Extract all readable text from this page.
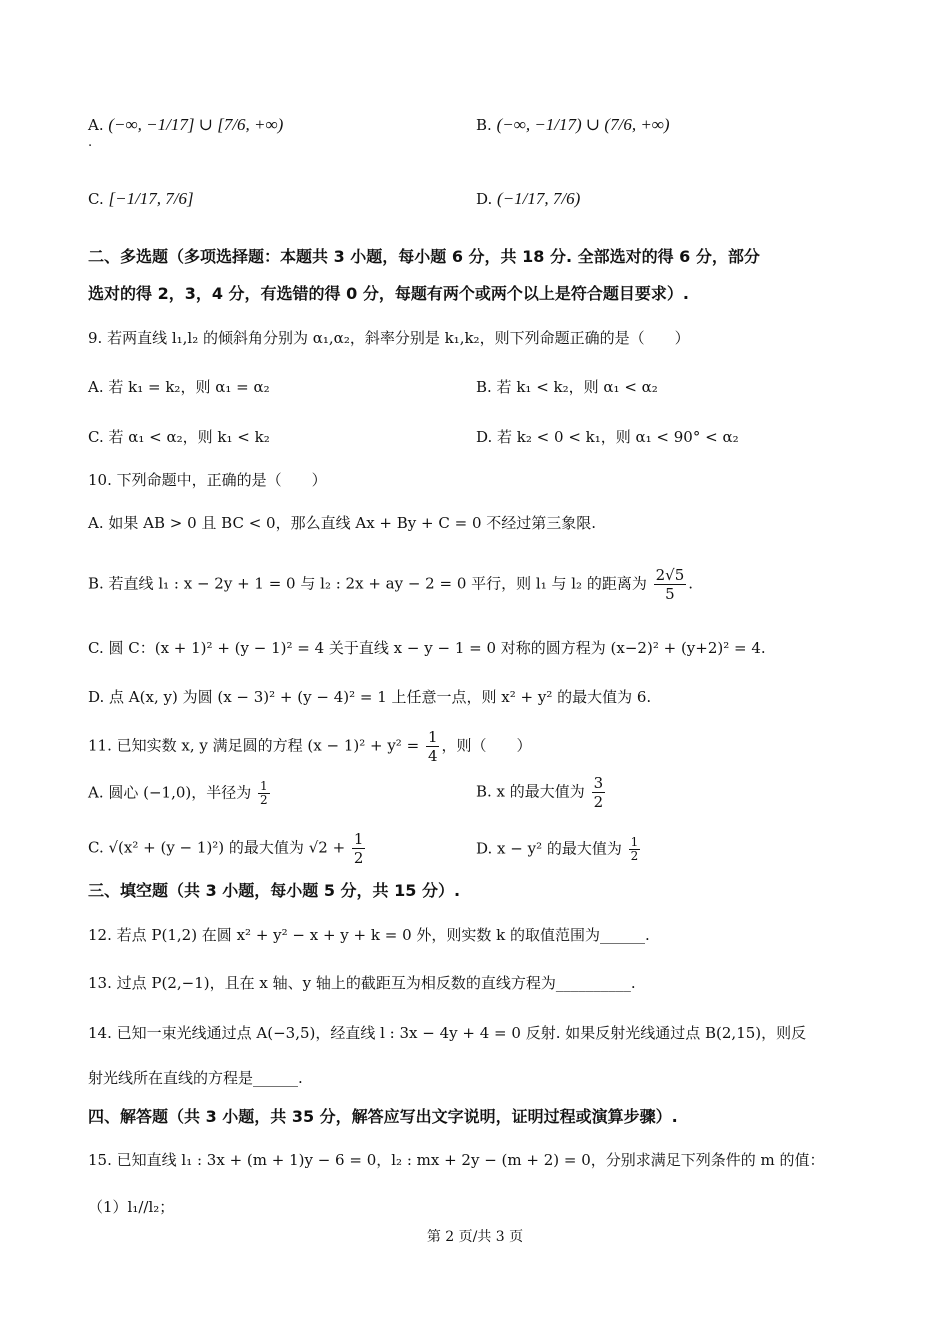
A. (−∞, −1/17] ∪ [7/6, +∞)
.
B. (−∞, −1/17) ∪ (7/6, +∞)
C. [−1/17, 7/6]	D. (−1/17, 7/6)
二、多选题（多项选择题：本题共 3 小题，每小题 6 分，共 18 分. 全部选对的得 6 分，部分
选对的得 2，3，4 分，有选错的得 0 分，每题有两个或两个以上是符合题目要求）.
9. 若两直线 l₁,l₂ 的倾斜角分别为 α₁,α₂，斜率分别是 k₁,k₂，则下列命题正确的是（　　）
A. 若 k₁ = k₂，则 α₁ = α₂	B. 若 k₁ < k₂，则 α₁ < α₂
C. 若 α₁ < α₂，则 k₁ < k₂	D. 若 k₂ < 0 < k₁，则 α₁ < 90° < α₂
10. 下列命题中，正确的是（　　）
A. 如果 AB > 0 且 BC < 0，那么直线 Ax + By + C = 0 不经过第三象限.
B. 若直线 l₁ : x − 2y + 1 = 0 与 l₂ : 2x + ay − 2 = 0 平行，则 l₁ 与 l₂ 的距离为 $\frac{2√5}{5}$ .
C. 圆 C：(x + 1)² + (y − 1)² = 4 关于直线 x − y − 1 = 0 对称的圆方程为 (x−2)² + (y+2)² = 4.
D. 点 A(x, y) 为圆 (x − 3)² + (y − 4)² = 1 上任意一点，则 x² + y² 的最大值为 6.
11. 已知实数 x, y 满足圆的方程 $(x - 1)^2 + y^2 = \frac{1}{4}$ ，则（　　）
A. 圆心 (−1,0)，半径为 $\frac{1}{2}$	B. x 的最大值为 $\frac{3}{2}$
C. √(x² + (y − 1)²) 的最大值为 $√2 + \frac{1}{2}$	D. x − y² 的最大值为 $\frac{1}{2}$
三、填空题（共 3 小题，每小题 5 分，共 15 分）.
12. 若点 P(1,2) 在圆 x² + y² − x + y + k = 0 外，则实数 k 的取值范围为______.
13. 过点 P(2,−1)，且在 x 轴、y 轴上的截距互为相反数的直线方程为__________.
14. 已知一束光线通过点 A(−3,5)，经直线 l : 3x − 4y + 4 = 0 反射. 如果反射光线通过点 B(2,15)，则反
射光线所在直线的方程是______.
四、解答题（共 3 小题，共 35 分，解答应写出文字说明，证明过程或演算步骤）.
15. 已知直线 l₁ : 3x + (m + 1)y − 6 = 0，l₂ : mx + 2y − (m + 2) = 0，分别求满足下列条件的 m 的值：
（1）l₁//l₂；
第 2 页/共 3 页
